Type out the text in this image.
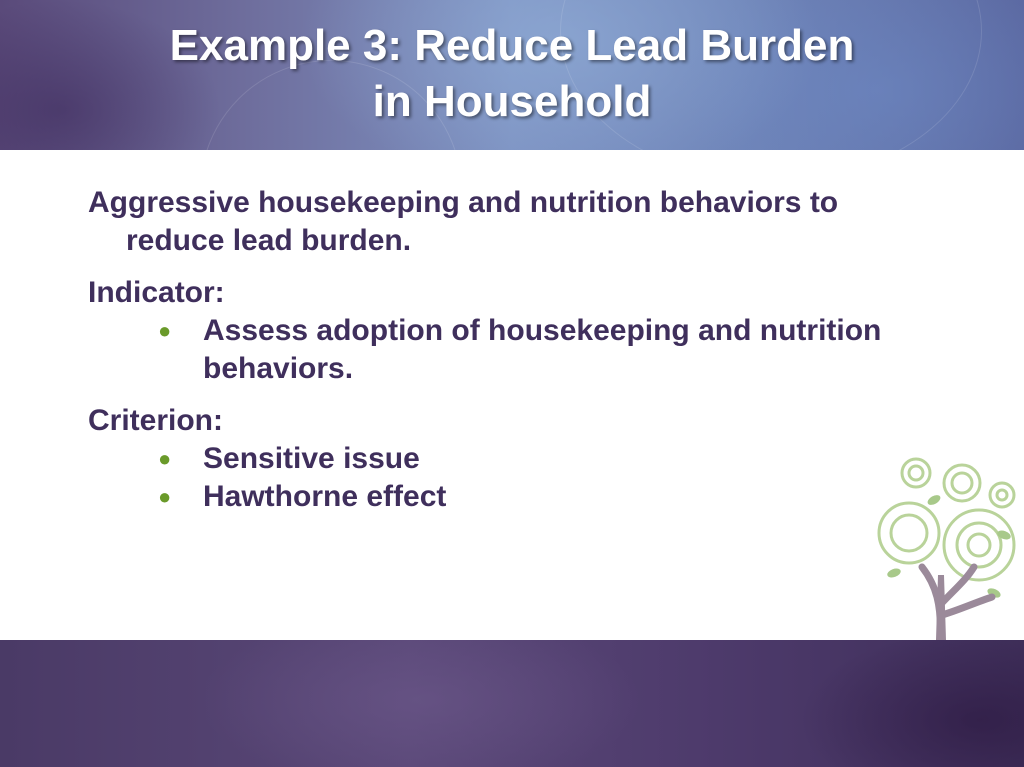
Example 3: Reduce Lead Burden
in Household

Aggressive housekeeping and nutrition behaviors to reduce lead burden.

Indicator:

● Assess adoption of housekeeping and nutrition behaviors.

Criterion:

● Sensitive issue
● Hawthorne effect
